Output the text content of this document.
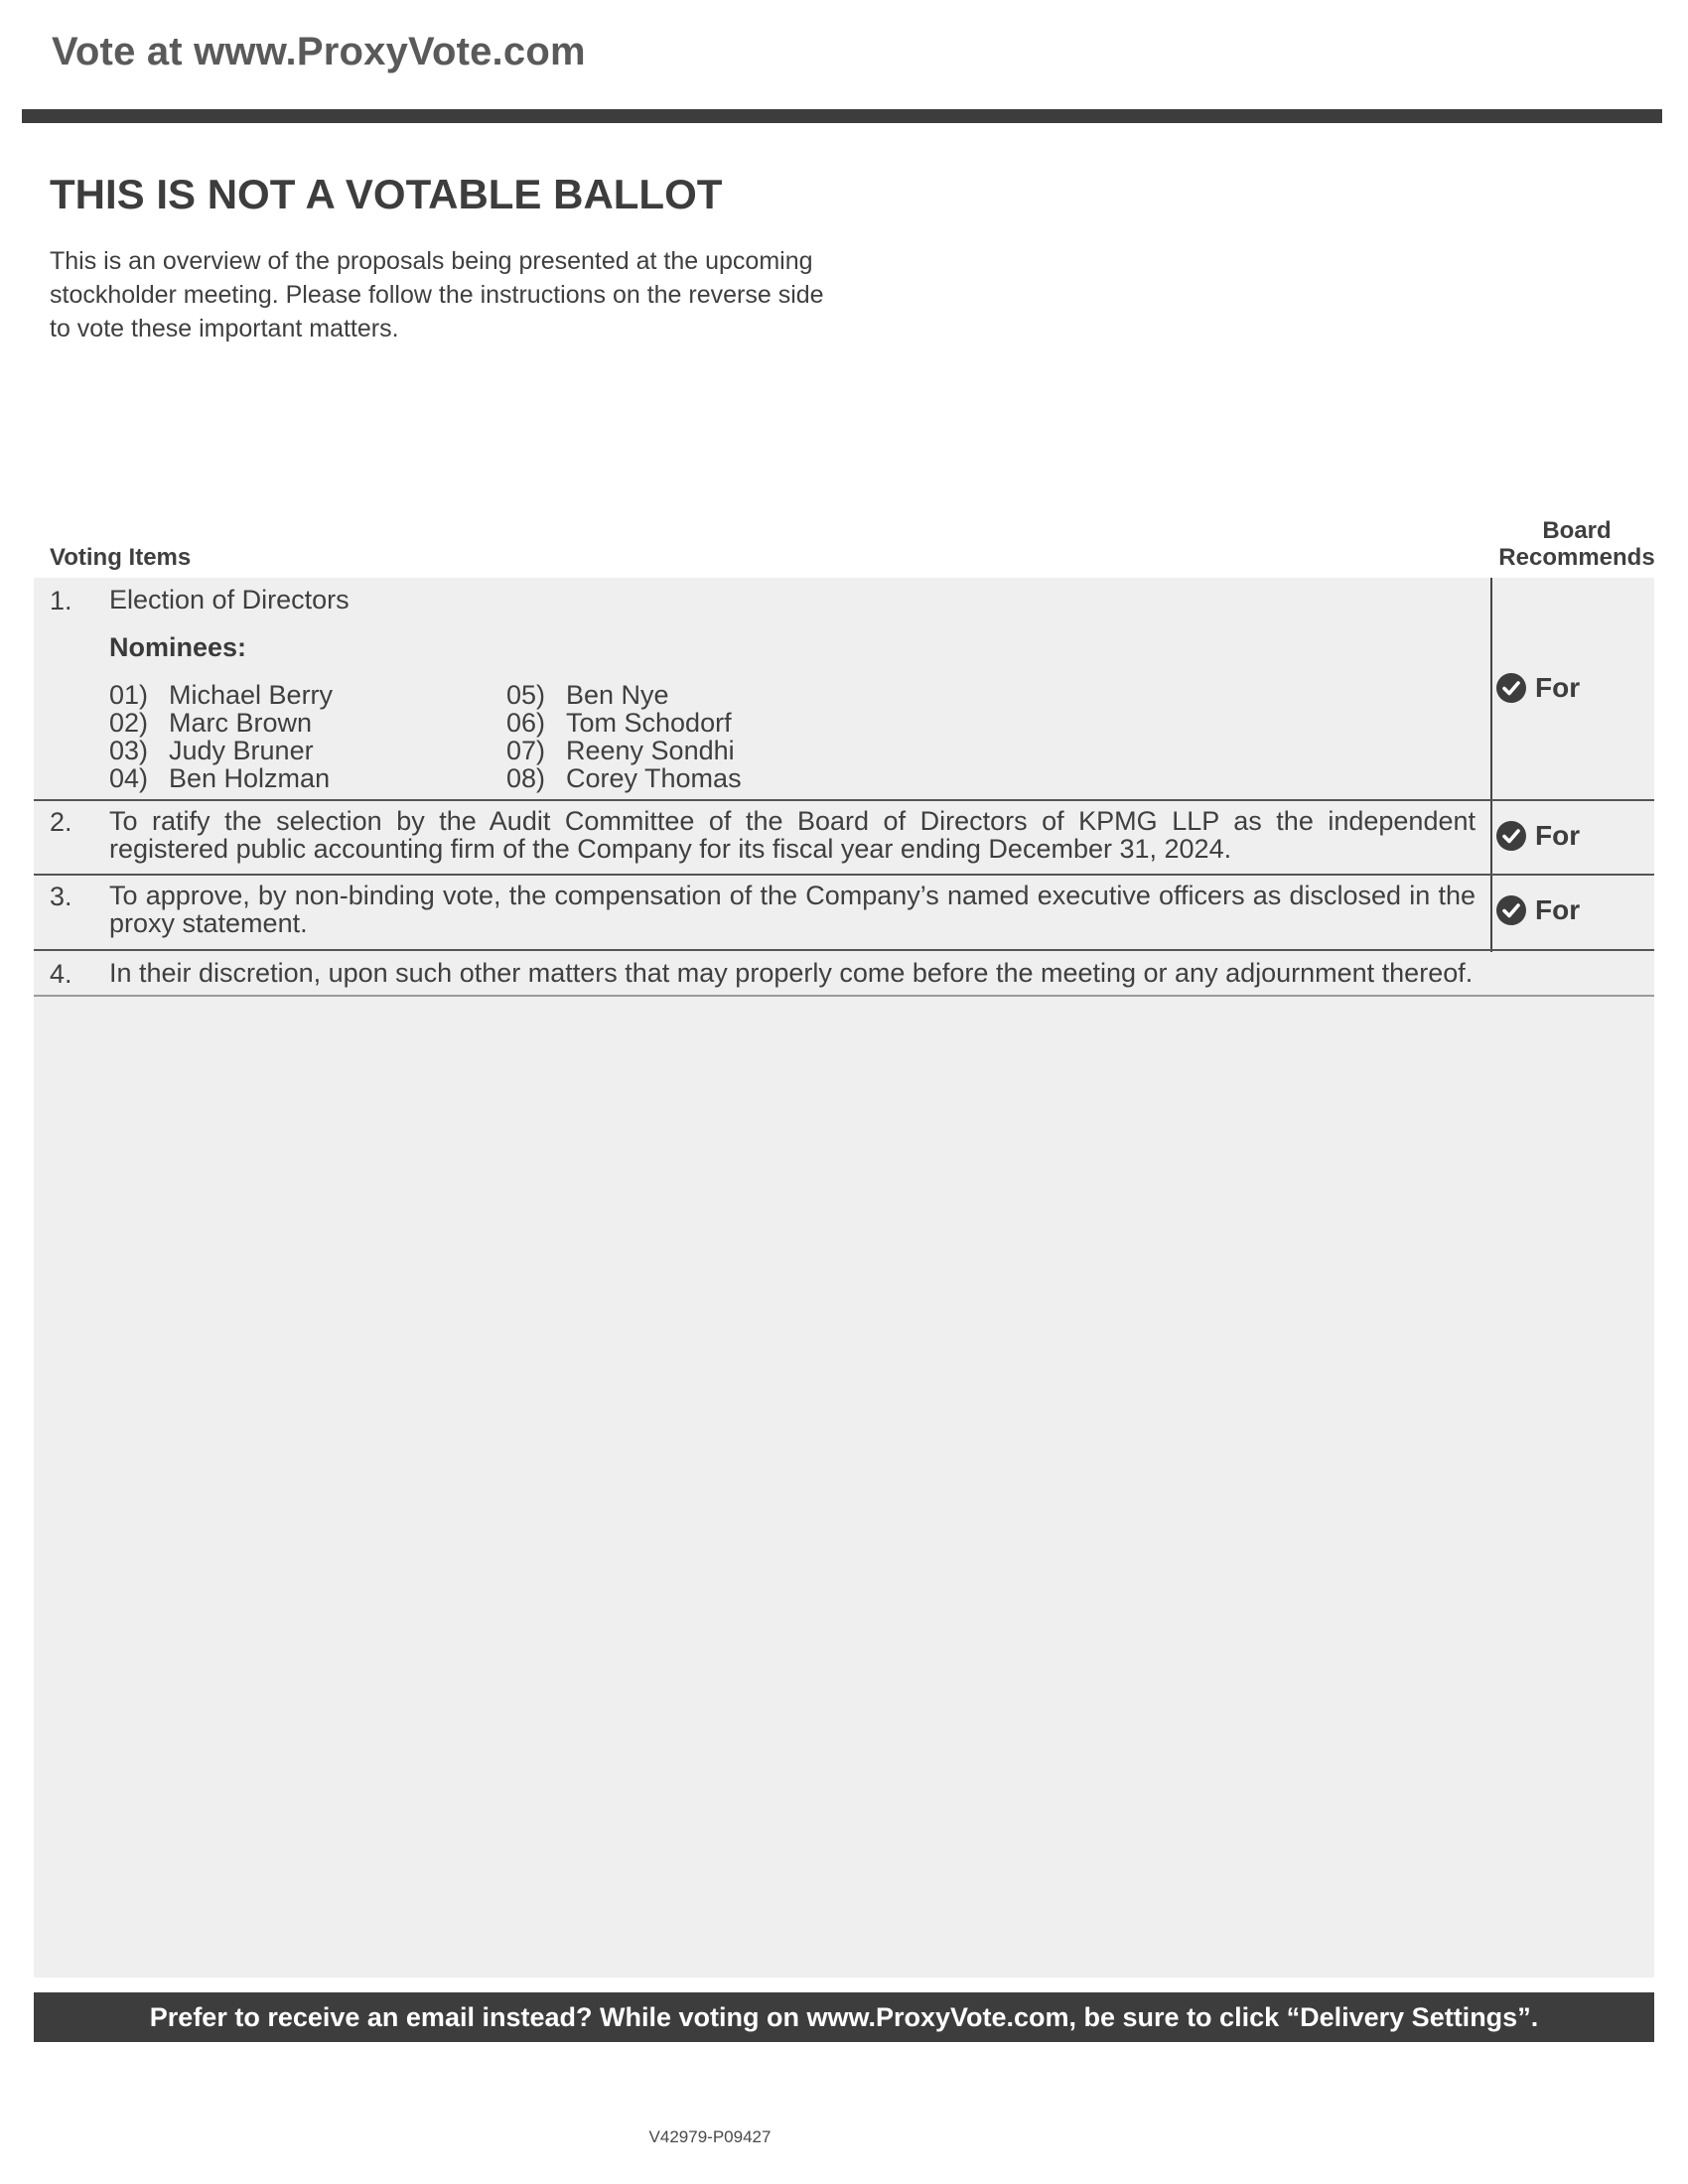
Vote at www.ProxyVote.com
THIS IS NOT A VOTABLE BALLOT
This is an overview of the proposals being presented at the upcoming stockholder meeting. Please follow the instructions on the reverse side to vote these important matters.
Voting Items
Board Recommends
1. Election of Directors
Nominees:
01) Michael Berry
02) Marc Brown
03) Judy Bruner
04) Ben Holzman
05) Ben Nye
06) Tom Schodorf
07) Reeny Sondhi
08) Corey Thomas
For
2. To ratify the selection by the Audit Committee of the Board of Directors of KPMG LLP as the independent registered public accounting firm of the Company for its fiscal year ending December 31, 2024.	For
3. To approve, by non-binding vote, the compensation of the Company’s named executive officers as disclosed in the proxy statement.	For
4. In their discretion, upon such other matters that may properly come before the meeting or any adjournment thereof.
Prefer to receive an email instead? While voting on www.ProxyVote.com, be sure to click “Delivery Settings”.
V42979-P09427
